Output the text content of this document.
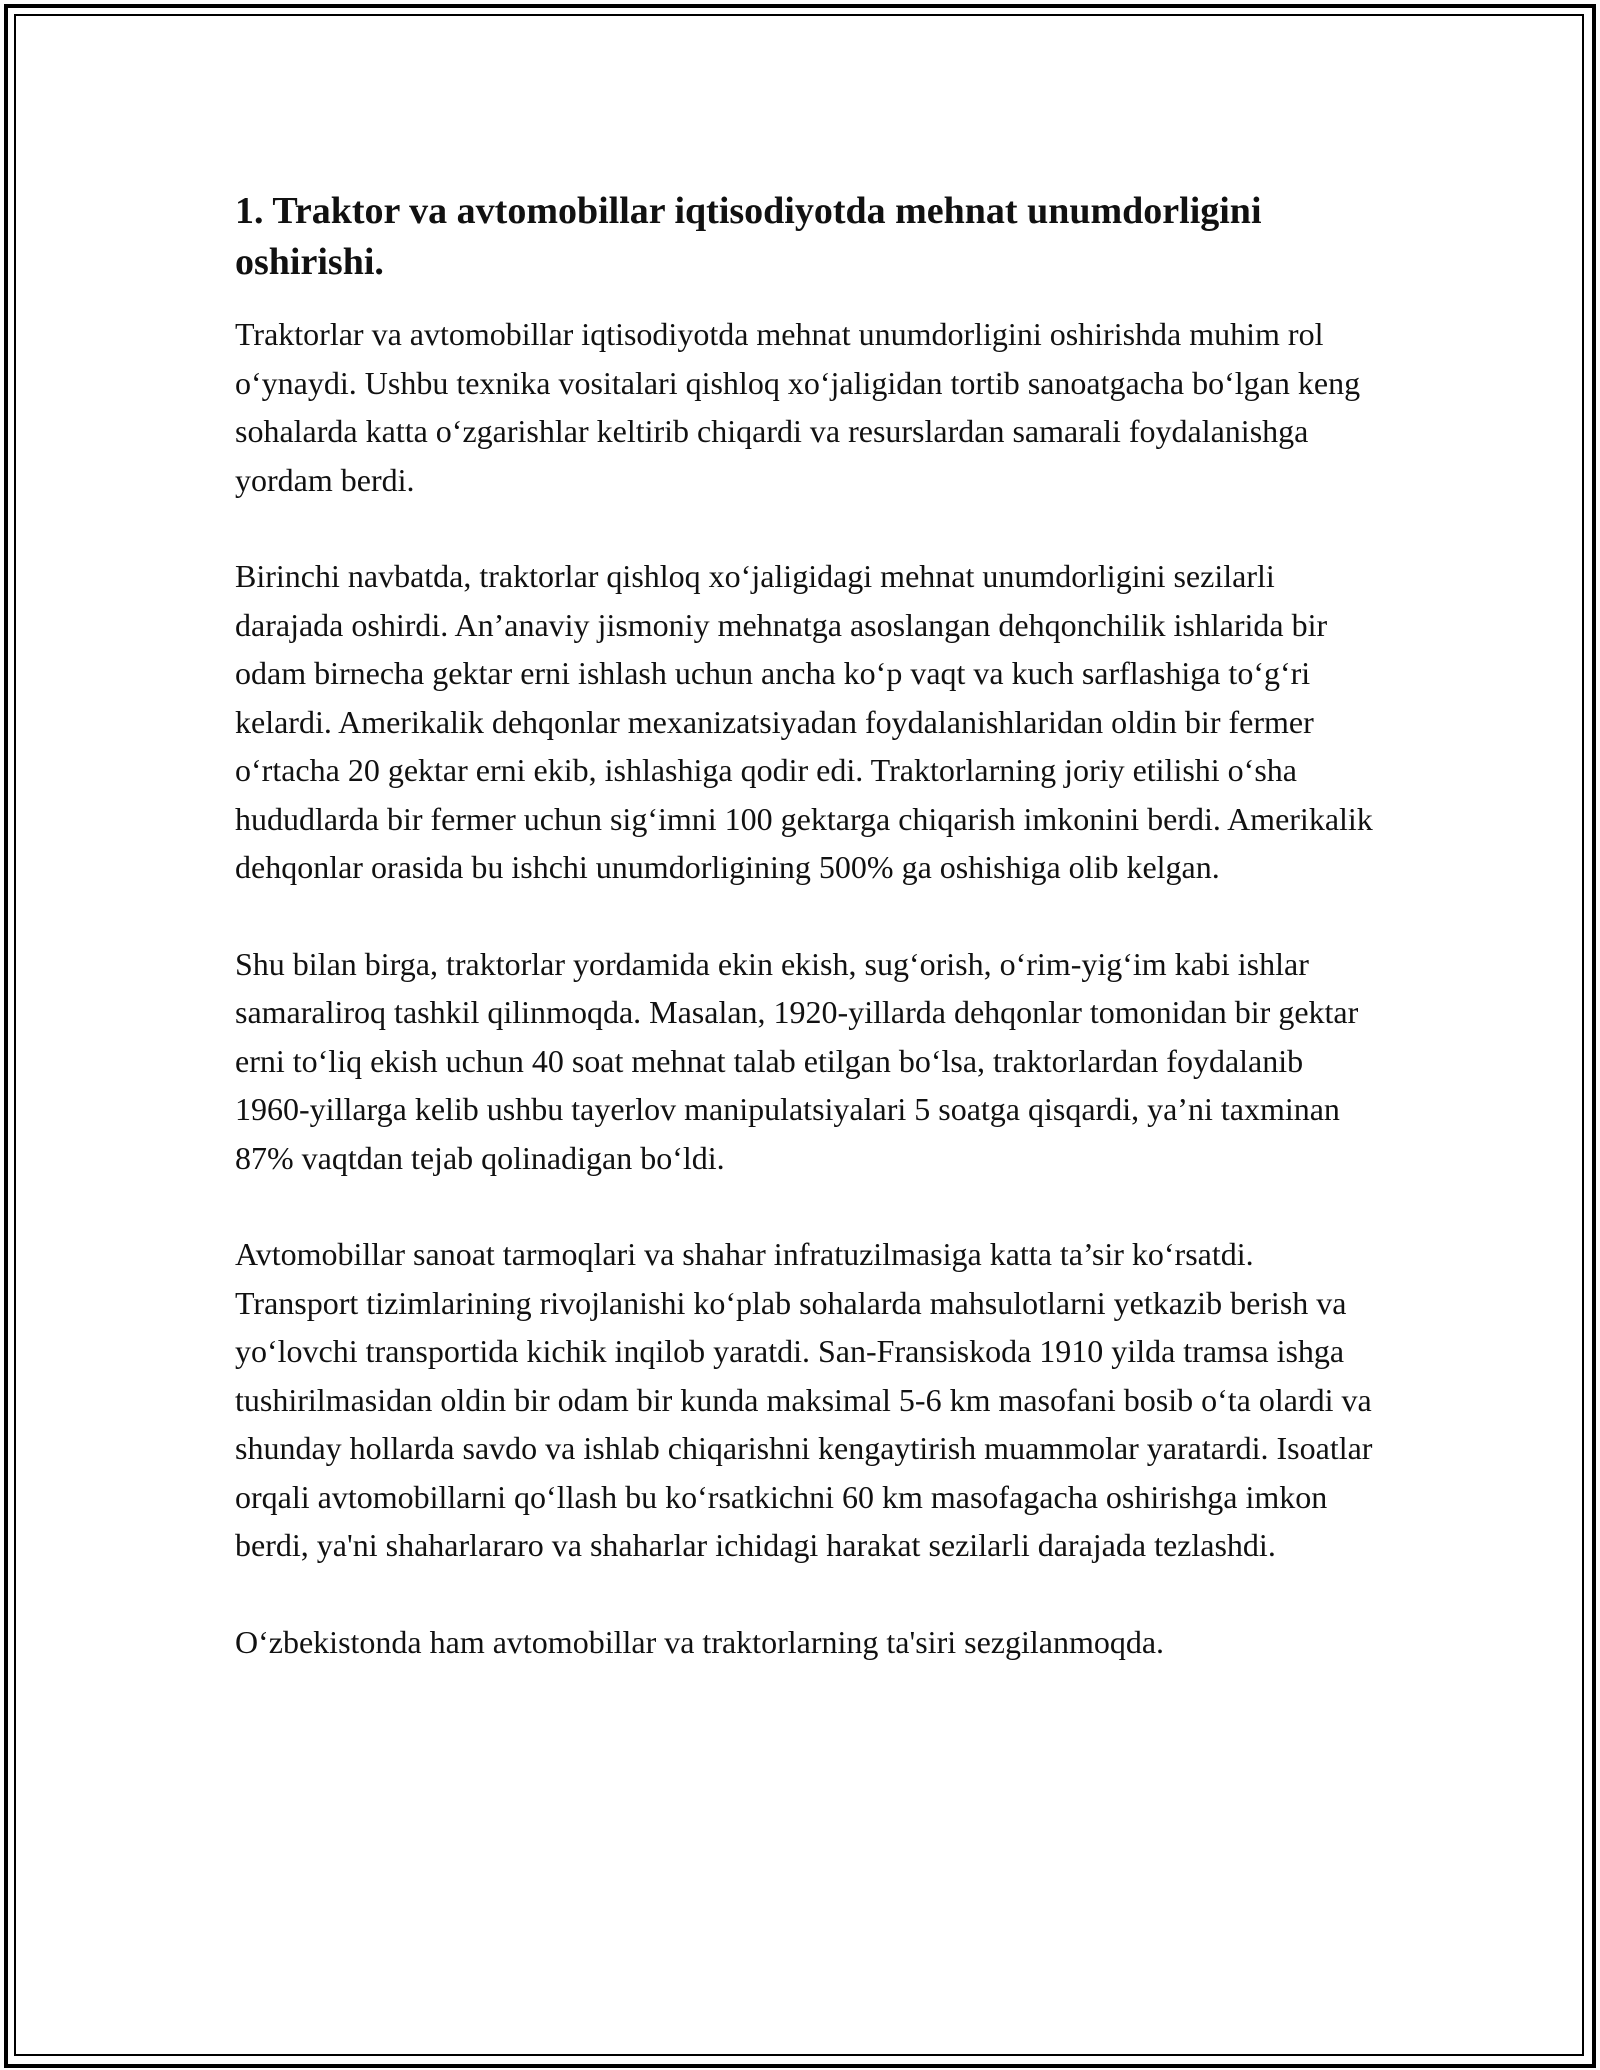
1. Traktor va avtomobillar iqtisodiyotda mehnat unumdorligini oshirishi.

Traktorlar va avtomobillar iqtisodiyotda mehnat unumdorligini oshirishda muhim rol oʻynaydi. Ushbu texnika vositalari qishloq xoʻjaligidan tortib sanoatgacha boʻlgan keng sohalarda katta oʻzgarishlar keltirib chiqardi va resurslardan samarali foydalanishga yordam berdi.

Birinchi navbatda, traktorlar qishloq xoʻjaligidagi mehnat unumdorligini sezilarli darajada oshirdi. An’anaviy jismoniy mehnatga asoslangan dehqonchilik ishlarida bir odam birnecha gektar erni ishlash uchun ancha koʻp vaqt va kuch sarflashiga toʻgʻri kelardi. Amerikalik dehqonlar mexanizatsiyadan foydalanishlaridan oldin bir fermer oʻrtacha 20 gektar erni ekib, ishlashiga qodir edi. Traktorlarning joriy etilishi oʻsha hududlarda bir fermer uchun sigʻimni 100 gektarga chiqarish imkonini berdi. Amerikalik dehqonlar orasida bu ishchi unumdorligining 500% ga oshishiga olib kelgan.

Shu bilan birga, traktorlar yordamida ekin ekish, sugʻorish, oʻrim-yigʻim kabi ishlar samaraliroq tashkil qilinmoqda. Masalan, 1920-yillarda dehqonlar tomonidan bir gektar erni toʻliq ekish uchun 40 soat mehnat talab etilgan boʻlsa, traktorlardan foydalanib 1960-yillarga kelib ushbu tayerlov manipulatsiyalari 5 soatga qisqardi, ya’ni taxminan 87% vaqtdan tejab qolinadigan boʻldi.

Avtomobillar sanoat tarmoqlari va shahar infratuzilmasiga katta ta’sir koʻrsatdi. Transport tizimlarining rivojlanishi koʻplab sohalarda mahsulotlarni yetkazib berish va yoʻlovchi transportida kichik inqilob yaratdi. San-Fransiskoda 1910 yilda tramsa ishga tushirilmasidan oldin bir odam bir kunda maksimal 5-6 km masofani bosib oʻta olardi va shunday hollarda savdo va ishlab chiqarishni kengaytirish muammolar yaratardi. Isoatlar orqali avtomobillarni qoʻllash bu koʻrsatkichni 60 km masofagacha oshirishga imkon berdi, ya'ni shaharlararo va shaharlar ichidagi harakat sezilarli darajada tezlashdi.

Oʻzbekistonda ham avtomobillar va traktorlarning ta'siri sezgilanmoqda.
